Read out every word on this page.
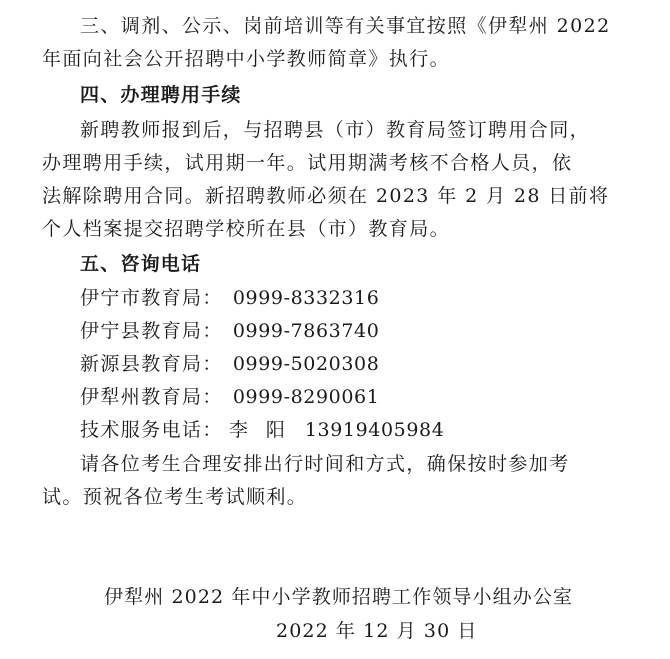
三、调剂、公示、岗前培训等有关事宜按照《伊犁州 2022
年面向社会公开招聘中小学教师简章》执行。
四、办理聘用手续
新聘教师报到后，与招聘县（市）教育局签订聘用合同，
办理聘用手续，试用期一年。试用期满考核不合格人员，依
法解除聘用合同。新招聘教师必须在 2023 年 2 月 28 日前将
个人档案提交招聘学校所在县（市）教育局。
五、咨询电话
伊宁市教育局： 0999-8332316
伊宁县教育局： 0999-7863740
新源县教育局： 0999-5020308
伊犁州教育局： 0999-8290061
技术服务电话： 李阳 13919405984
请各位考生合理安排出行时间和方式，确保按时参加考
试。预祝各位考生考试顺利。
伊犁州 2022 年中小学教师招聘工作领导小组办公室
2022 年 12 月 30 日
